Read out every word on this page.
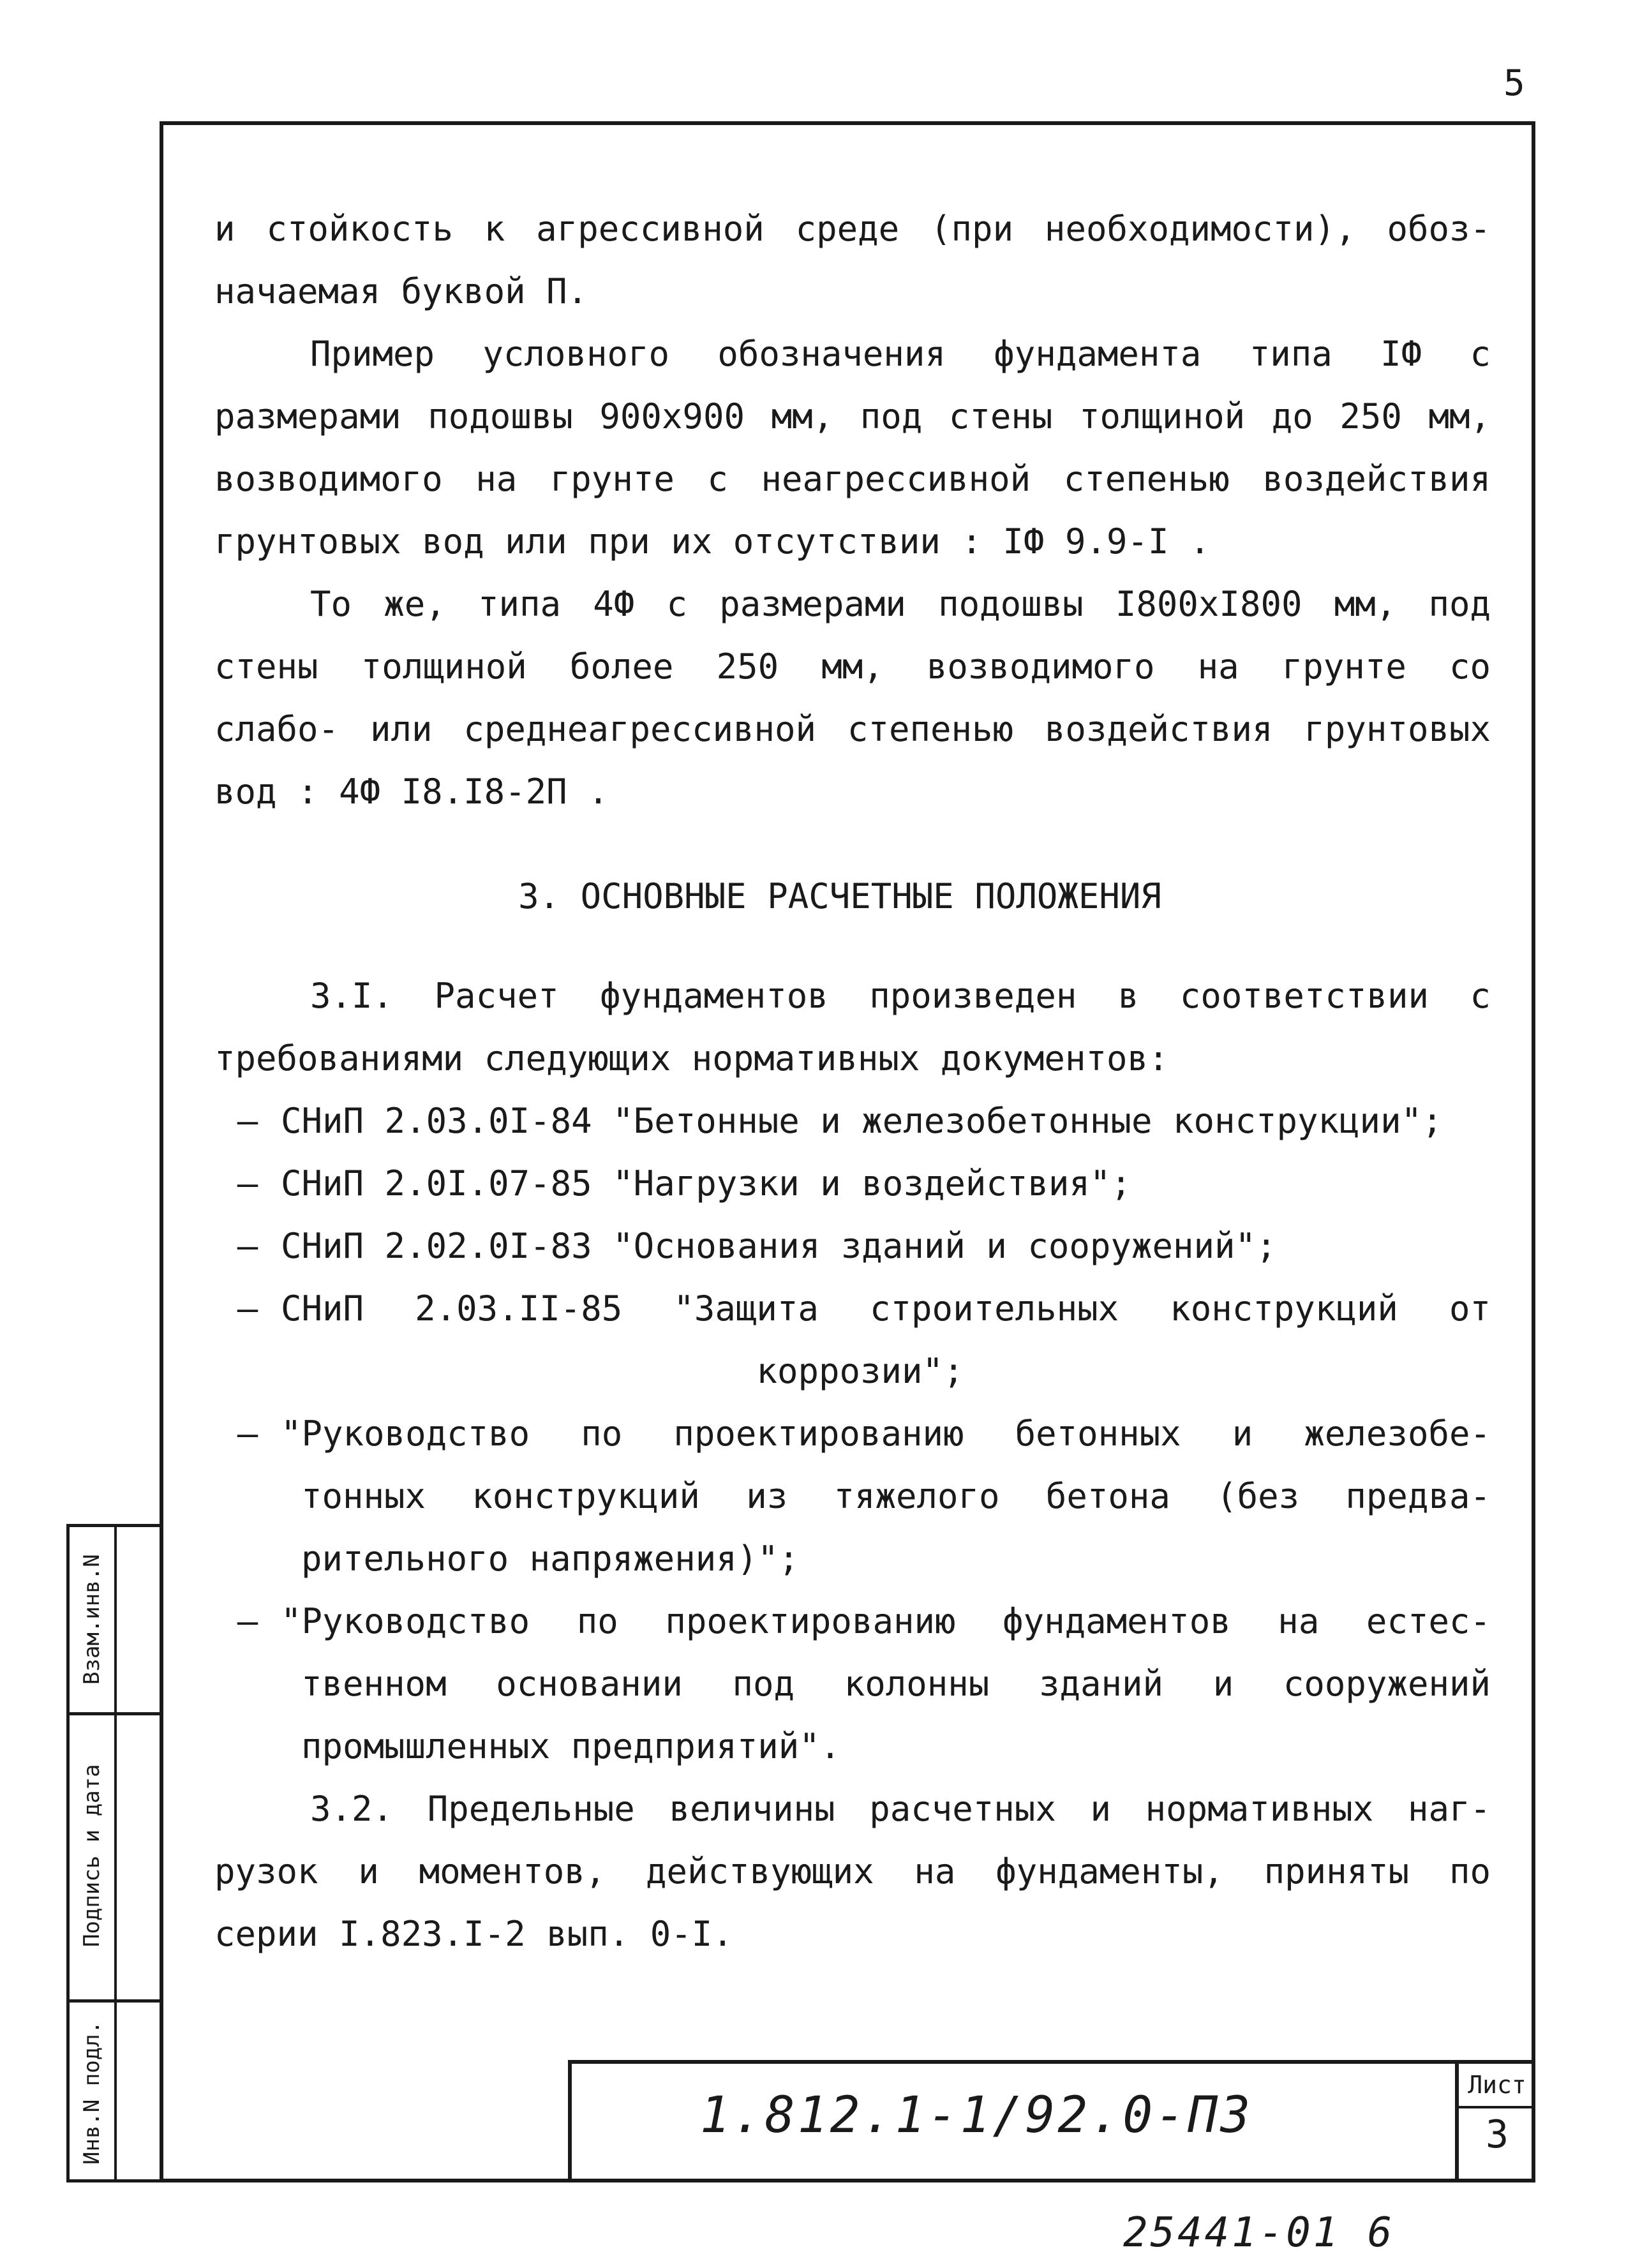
5

и стойкость к агрессивной среде (при необходимости), обоз-

начаемая буквой П.

Пример условного обозначения фундамента типа IФ с

размерами подошвы 900х900 мм, под стены толщиной до 250 мм,

возводимого на грунте с неагрессивной степенью воздействия

грунтовых вод или при их отсутствии : IФ 9.9-I .

То же, типа 4Ф с размерами подошвы I800хI800 мм, под

стены толщиной более 250 мм, возводимого на грунте со

слабо- или среднеагрессивной степенью воздействия грунтовых

вод : 4Ф I8.I8-2П .

3. ОСНОВНЫЕ РАСЧЕТНЫЕ ПОЛОЖЕНИЯ

3.I. Расчет фундаментов произведен в соответствии с

требованиями следующих нормативных документов:

– СНиП 2.03.0I-84 "Бетонные и железобетонные конструкции";

– СНиП 2.0I.07-85 "Нагрузки и воздействия";

– СНиП 2.02.0I-83 "Основания зданий и сооружений";

– СНиП 2.03.II-85 "Защита строительных конструкций от

коррозии";

– "Руководство по проектированию бетонных и железобе-

тонных конструкций из тяжелого бетона (без предва-

рительного напряжения)";

– "Руководство по проектированию фундаментов на естес-

твенном основании под колонны зданий и сооружений

промышленных предприятий".

3.2. Предельные величины расчетных и нормативных наг-

рузок и моментов, действующих на фундаменты, приняты по

серии I.823.I-2 вып. 0-I.

1.812.1-1/92.0-ПЗ
Лист
3
25441-01 6
Взам.инв.N
Подпись и дата
Инв.N подл.
